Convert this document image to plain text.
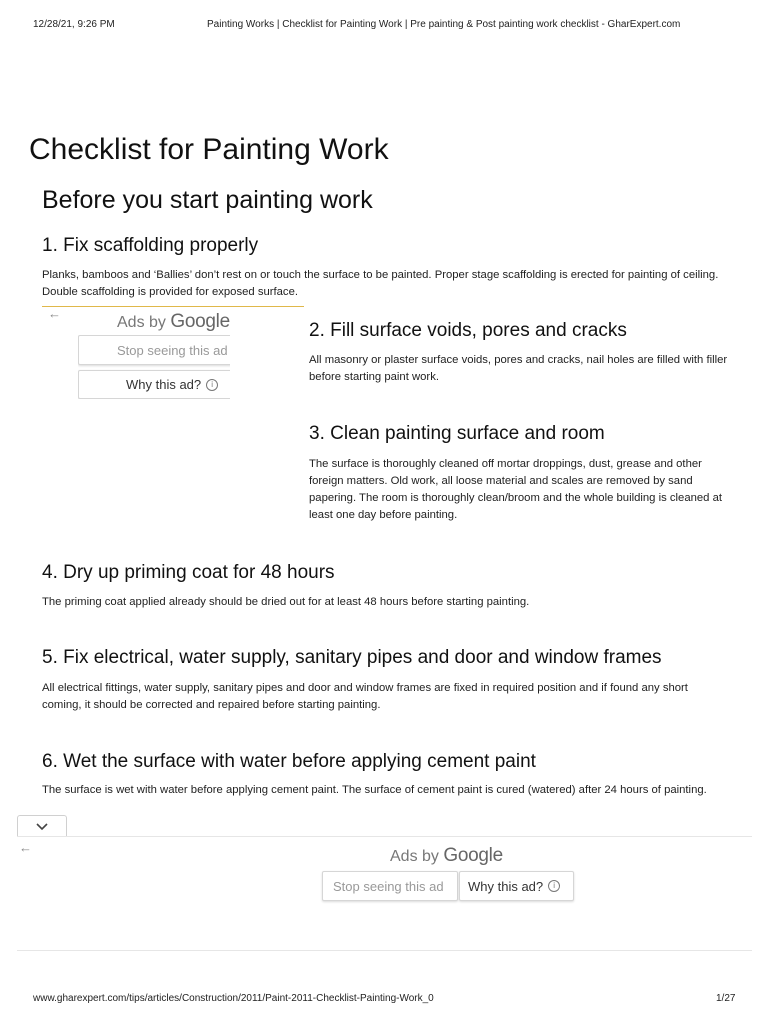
12/28/21, 9:26 PM	Painting Works | Checklist for Painting Work | Pre painting & Post painting work checklist - GharExpert.com
Checklist for Painting Work
Before you start painting work
1. Fix scaffolding properly
Planks, bamboos and ‘Ballies’ don’t rest on or touch the surface to be painted. Proper stage scaffolding is erected for painting of ceiling. Double scaffolding is provided for exposed surface.
←
Ads by Google
Stop seeing this ad
Why this ad?	i
2. Fill surface voids, pores and cracks
All masonry or plaster surface voids, pores and cracks, nail holes are filled with filler before starting paint work.
3. Clean painting surface and room
The surface is thoroughly cleaned off mortar droppings, dust, grease and other foreign matters. Old work, all loose material and scales are removed by sand papering. The room is thoroughly clean/broom and the whole building is cleaned at least one day before painting.
4. Dry up priming coat for 48 hours
The priming coat applied already should be dried out for at least 48 hours before starting painting.
5. Fix electrical, water supply, sanitary pipes and door and window frames
All electrical fittings, water supply, sanitary pipes and door and window frames are fixed in required position and if found any short coming, it should be corrected and repaired before starting painting.
6. Wet the surface with water before applying cement paint
The surface is wet with water before applying cement paint. The surface of cement paint is cured (watered) after 24 hours of painting.
←
Ads by Google
Stop seeing this ad Why this ad?	i
www.gharexpert.com/tips/articles/Construction/2011/Paint-2011-Checklist-Painting-Work_0	1/27
